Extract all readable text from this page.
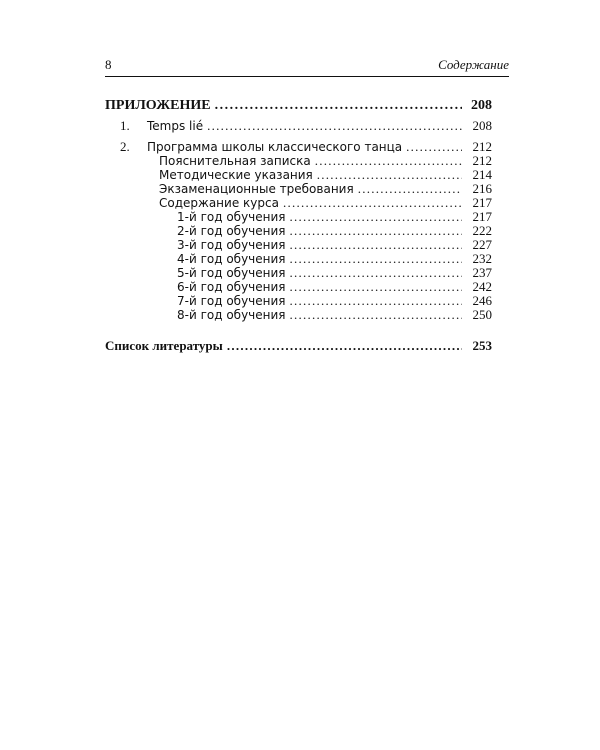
8	Содержание
ПРИЛОЖЕНИЕ . . .	208
1.	Temps lié . . .	208
2.	Программа школы классического танца . . .	212
Пояснительная записка . . .	212
Методические указания . . .	214
Экзаменационные требования . . .	216
Содержание курса . . .	217
1-й год обучения . . .	217
2-й год обучения . . .	222
3-й год обучения . . .	227
4-й год обучения . . .	232
5-й год обучения . . .	237
6-й год обучения . . .	242
7-й год обучения . . .	246
8-й год обучения . . .	250
Список литературы . . .	253
